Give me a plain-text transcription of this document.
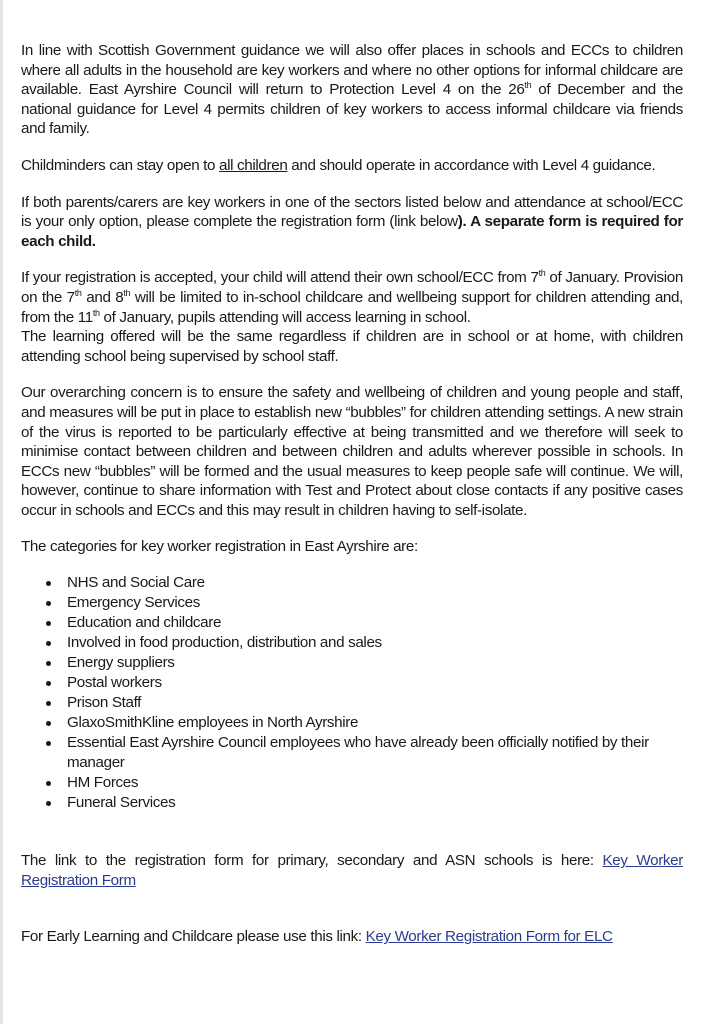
In line with Scottish Government guidance we will also offer places in schools and ECCs to children where all adults in the household are key workers and where no other options for informal childcare are available. East Ayrshire Council will return to Protection Level 4 on the 26th of December and the national guidance for Level 4 permits children of key workers to access informal childcare via friends and family.

Childminders can stay open to all children and should operate in accordance with Level 4 guidance.

If both parents/carers are key workers in one of the sectors listed below and attendance at school/ECC is your only option, please complete the registration form (link below). A separate form is required for each child.

If your registration is accepted, your child will attend their own school/ECC from 7th of January. Provision on the 7th and 8th will be limited to in-school childcare and wellbeing support for children attending and, from the 11th of January, pupils attending will access learning in school.

The learning offered will be the same regardless if children are in school or at home, with children attending school being supervised by school staff.

Our overarching concern is to ensure the safety and wellbeing of children and young people and staff, and measures will be put in place to establish new “bubbles” for children attending settings. A new strain of the virus is reported to be particularly effective at being transmitted and we therefore will seek to minimise contact between children and between children and adults wherever possible in schools. In ECCs new “bubbles” will be formed and the usual measures to keep people safe will continue. We will, however, continue to share information with Test and Protect about close contacts if any positive cases occur in schools and ECCs and this may result in children having to self-isolate.

The categories for key worker registration in East Ayrshire are:

NHS and Social Care
Emergency Services
Education and childcare
Involved in food production, distribution and sales
Energy suppliers
Postal workers
Prison Staff
GlaxoSmithKline employees in North Ayrshire
Essential East Ayrshire Council employees who have already been officially notified by their manager
HM Forces
Funeral Services

The link to the registration form for primary, secondary and ASN schools is here: Key Worker Registration Form

For Early Learning and Childcare please use this link: Key Worker Registration Form for ELC
